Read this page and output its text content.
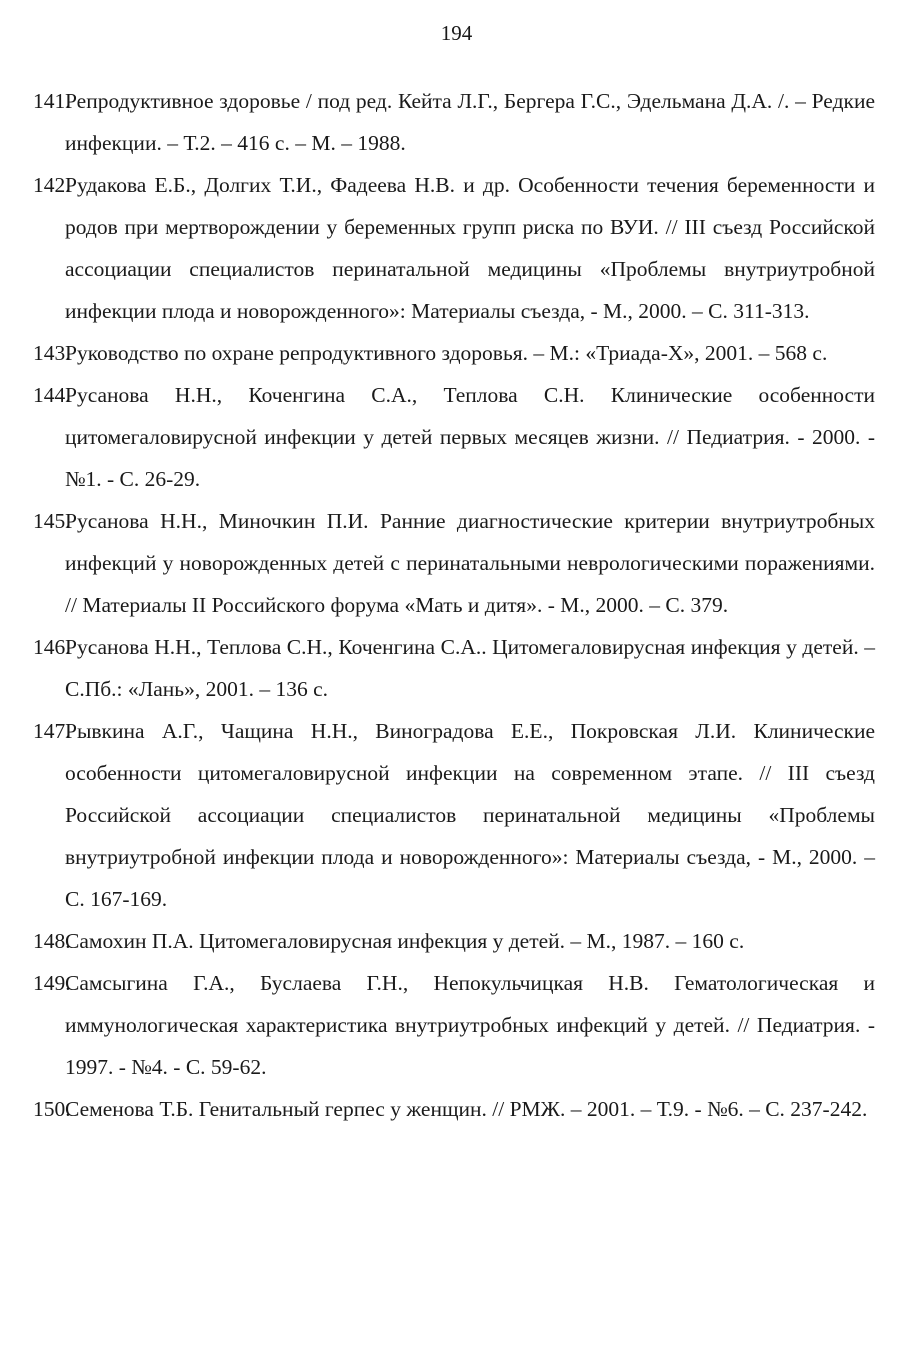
194
141.
Репродуктивное здоровье / под ред. Кейта Л.Г., Бергера Г.С., Эдельмана Д.А. /. – Редкие инфекции. – Т.2. – 416 с. – М. – 1988.
142.
Рудакова Е.Б., Долгих Т.И., Фадеева Н.В. и др. Особенности течения беременности и родов при мертворождении у беременных групп риска по ВУИ. // III съезд Российской ассоциации специалистов перинатальной медицины «Проблемы внутриутробной инфекции плода и новорожденного»: Материалы съезда, - М., 2000. – С. 311-313.
143.
Руководство по охране репродуктивного здоровья. – М.: «Триада-Х», 2001. – 568 с.
144.
Русанова Н.Н., Коченгина С.А., Теплова С.Н. Клинические особенности цитомегаловирусной инфекции у детей первых месяцев жизни. // Педиатрия. - 2000. - №1. - С. 26-29.
145.
Русанова Н.Н., Миночкин П.И. Ранние диагностические критерии внутриутробных инфекций у новорожденных детей с перинатальными неврологическими поражениями. // Материалы II Российского форума «Мать и дитя». - М., 2000. – С. 379.
146.
Русанова Н.Н., Теплова С.Н., Коченгина С.А.. Цитомегаловирусная инфекция у детей. – С.Пб.: «Лань», 2001. – 136 с.
147.
Рывкина А.Г., Чащина Н.Н., Виноградова Е.Е., Покровская Л.И. Клинические особенности цитомегаловирусной инфекции на современном этапе. // III съезд Российской ассоциации специалистов перинатальной медицины «Проблемы внутриутробной инфекции плода и новорожденного»: Материалы съезда, - М., 2000. – С. 167-169.
148.
Самохин П.А. Цитомегаловирусная инфекция у детей. – М., 1987. – 160 с.
149.
Самсыгина Г.А., Буслаева Г.Н., Непокульчицкая Н.В. Гематологическая и иммунологическая характеристика внутриутробных инфекций у детей. // Педиатрия. - 1997. - №4. - С. 59-62.
150.
Семенова Т.Б. Генитальный герпес у женщин. // РМЖ. – 2001. – Т.9. - №6. – С. 237-242.
